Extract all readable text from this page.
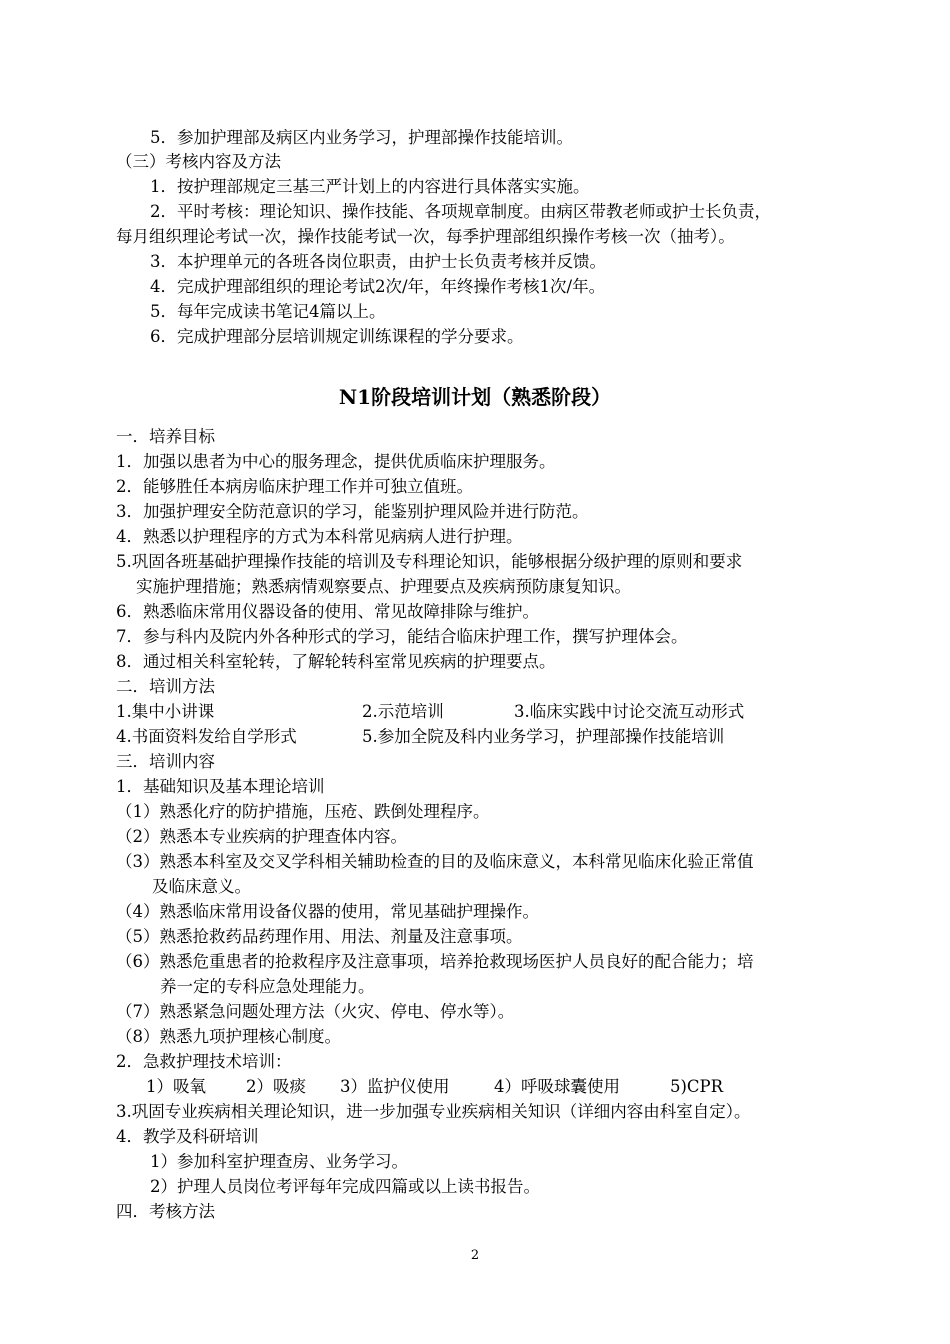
5．参加护理部及病区内业务学习，护理部操作技能培训。
（三）考核内容及方法
1．按护理部规定三基三严计划上的内容进行具体落实实施。
2．平时考核：理论知识、操作技能、各项规章制度。由病区带教老师或护士长负责，
每月组织理论考试一次，操作技能考试一次，每季护理部组织操作考核一次（抽考）。
3．本护理单元的各班各岗位职责，由护士长负责考核并反馈。
4．完成护理部组织的理论考试2次/年，年终操作考核1次/年。
5．每年完成读书笔记4篇以上。
6．完成护理部分层培训规定训练课程的学分要求。
N1阶段培训计划（熟悉阶段）
一．培养目标
1．加强以患者为中心的服务理念，提供优质临床护理服务。
2．能够胜任本病房临床护理工作并可独立值班。
3．加强护理安全防范意识的学习，能鉴别护理风险并进行防范。
4．熟悉以护理程序的方式为本科常见病病人进行护理。
5.巩固各班基础护理操作技能的培训及专科理论知识，能够根据分级护理的原则和要求
实施护理措施；熟悉病情观察要点、护理要点及疾病预防康复知识。
6．熟悉临床常用仪器设备的使用、常见故障排除与维护。
7．参与科内及院内外各种形式的学习，能结合临床护理工作，撰写护理体会。
8．通过相关科室轮转，了解轮转科室常见疾病的护理要点。
二．培训方法
1.集中小讲课	2.示范培训	3.临床实践中讨论交流互动形式
4.书面资料发给自学形式	5.参加全院及科内业务学习，护理部操作技能培训
三．培训内容
1．基础知识及基本理论培训
（1）熟悉化疗的防护措施，压疮、跌倒处理程序。
（2）熟悉本专业疾病的护理查体内容。
（3）熟悉本科室及交叉学科相关辅助检查的目的及临床意义，本科常见临床化验正常值
及临床意义。
（4）熟悉临床常用设备仪器的使用，常见基础护理操作。
（5）熟悉抢救药品药理作用、用法、剂量及注意事项。
（6）熟悉危重患者的抢救程序及注意事项，培养抢救现场医护人员良好的配合能力；培
养一定的专科应急处理能力。
（7）熟悉紧急问题处理方法（火灾、停电、停水等）。
（8）熟悉九项护理核心制度。
2．急救护理技术培训：
1）吸氧 2）吸痰 3）监护仪使用	4）呼吸球囊使用	5)CPR
3.巩固专业疾病相关理论知识，进一步加强专业疾病相关知识（详细内容由科室自定）。
4．教学及科研培训
1）参加科室护理查房、业务学习。
2）护理人员岗位考评每年完成四篇或以上读书报告。
四．考核方法
2
